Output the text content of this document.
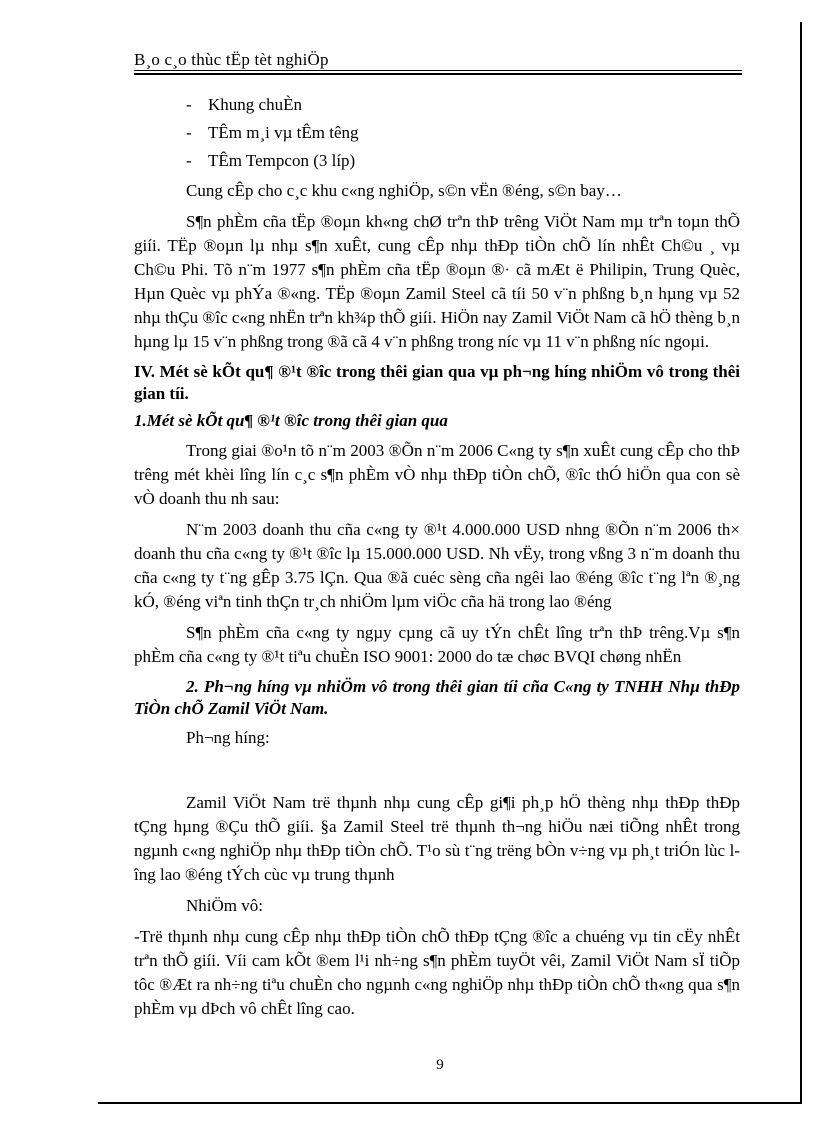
B¸o c¸o thùc tËp tèt nghiÖp
- Khung chuÈn
- TÊm m¸i vµ tÊm têng
- TÊm Tempcon (3 líp)

Cung cÊp cho c¸c khu c«ng nghiÖp, s©n vËn ®éng, s©n bay…

S¶n phÈm cña tËp ®oµn kh«ng chØ trªn thÞ trêng ViÖt Nam mµ trªn toµn thÕ giíi. TËp ®oµn lµ nhµ s¶n xuÊt, cung cÊp nhµ thÐp tiÒn chÕ lín nhÊt Ch©u ¸ vµ Ch©u Phi. Tõ n¨m 1977 s¶n phÈm cña tËp ®oµn ®· cã mÆt ë Philipin, Trung Quèc, Hµn Quèc vµ phÝa ®«ng. TËp ®oµn Zamil Steel cã tíi 50 v¨n phßng b¸n hµng vµ 52 nhµ thÇu ®îc c«ng nhËn trªn kh¾p thÕ giíi. HiÖn nay Zamil ViÖt Nam cã hÖ thèng b¸n hµng lµ 15 v¨n phßng trong ®ã cã 4 v¨n phßng trong níc vµ 11 v¨n phßng níc ngoµi.

IV. Mét sè kÕt qu¶ ®¹t ®îc trong thêi gian qua vµ ph¬ng híng nhiÖm vô trong thêi gian tíi.

1.Mét sè kÕt qu¶ ®¹t ®îc trong thêi gian qua

Trong giai ®o¹n tõ n¨m 2003 ®Õn n¨m 2006 C«ng ty s¶n xuÊt cung cÊp cho thÞ trêng mét khèi lîng lín c¸c s¶n phÈm vÒ nhµ thÐp tiÒn chÕ, ®îc thÓ hiÖn qua con sè vÒ doanh thu nh sau:

N¨m 2003 doanh thu cña c«ng ty ®¹t 4.000.000 USD nhng ®Õn n¨m 2006 th× doanh thu cña c«ng ty ®¹t ®îc lµ 15.000.000 USD. Nh vËy, trong vßng 3 n¨m doanh thu cña c«ng ty t¨ng gÊp 3.75 lÇn. Qua ®ã cuéc sèng cña ngêi lao ®éng ®îc t¨ng lªn ®¸ng kÓ, ®éng viªn tinh thÇn tr¸ch nhiÖm lµm viÖc cña hä trong lao ®éng

S¶n phÈm cña c«ng ty ngµy cµng cã uy tÝn chÊt lîng trªn thÞ trêng.Vµ s¶n phÈm cña c«ng ty ®¹t tiªu chuÈn ISO 9001: 2000 do tæ chøc BVQI chøng nhËn

2. Ph¬ng híng vµ nhiÖm vô trong thêi gian tíi cña C«ng ty TNHH Nhµ thÐp TiÒn chÕ Zamil ViÖt Nam.

Ph¬ng híng:

Zamil ViÖt Nam trë thµnh nhµ cung cÊp gi¶i ph¸p hÖ thèng nhµ thÐp thÐp tÇng hµng ®Çu thÕ giíi. §a Zamil Steel trë thµnh th¬ng hiÖu næi tiÕng nhÊt trong ngµnh c«ng nghiÖp nhµ thÐp tiÒn chÕ. T¹o sù t¨ng trëng bÒn v÷ng vµ ph¸t triÓn lùc lîng lao ®éng tÝch cùc vµ trung thµnh

NhiÖm vô:

-Trë thµnh nhµ cung cÊp nhµ thÐp tiÒn chÕ thÐp tÇng ®îc a chuéng vµ tin cËy nhÊt trªn thÕ giíi. Víi cam kÕt ®em l¹i nh÷ng s¶n phÈm tuyÖt vêi, Zamil ViÖt Nam sÏ tiÕp tôc ®Æt ra nh÷ng tiªu chuÈn cho ngµnh c«ng nghiÖp nhµ thÐp tiÒn chÕ th«ng qua s¶n phÈm vµ dÞch vô chÊt lîng cao.

9
